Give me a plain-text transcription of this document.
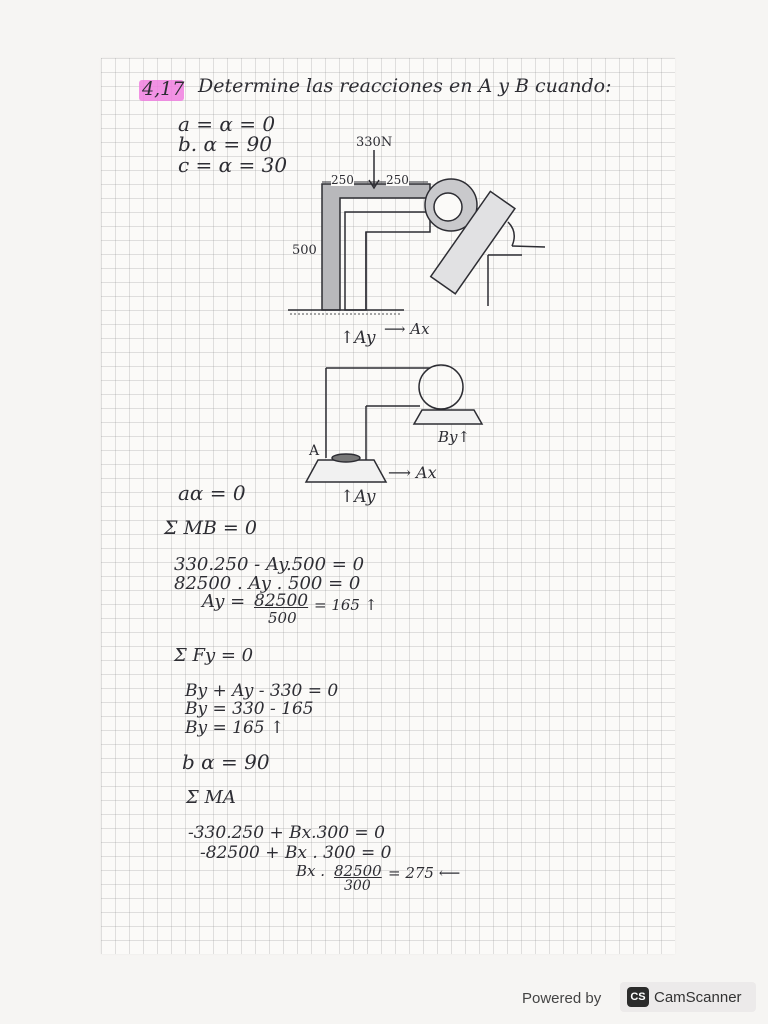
4,17 Determine las reacciones en A y B cuando:
a = α = 0
b. α = 90
c = α = 30
330N
250	250
500
↑Ay ⟶ Ax
A
By↑
⟶ Ax
↑Ay
aα = 0
Σ MB = 0
330.250 - Ay.500 = 0
82500 . Ay . 500 = 0
Ay = 82500
500
= 165 ↑
Σ Fy = 0
By + Ay - 330 = 0
By = 330 - 165
By = 165 ↑
b α = 90
Σ MA
-330.250 + Bx.300 = 0
-82500 + Bx . 300 = 0
Bx . 82500
300
= 275 ⟵
Powered by	CS CamScanner
